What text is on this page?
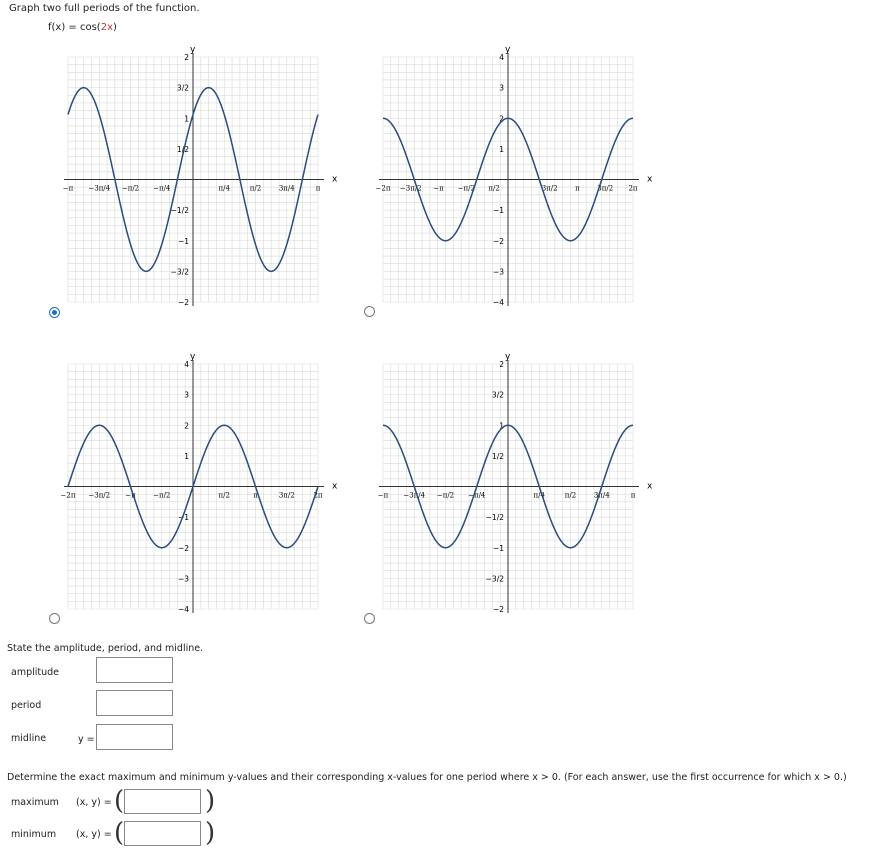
Graph two full periods of the function.
f(x) = cos(2x)
x
y
−π −3π/4 −π/2 −π/4	π/4	π/2	3π/4	π
2
3/2
1
1/2
−1/2
−1
−3/2
−2
x
y
−2π −3π/2 −π −π/2 π/2	3π/2	π	3π/2 2π
4
3
2
1
−1
−2
−3
−4
x
y
−2π −3π/2 −π −π/2	π/2	π	3π/2	2π
4
3
2
1
−1
−2
−3
−4
x
y
−π −3π/4 −π/2 −π/4	π/4	π/2	3π/4	π
2
3/2
1
1/2
−1/2
−1
−3/2
−2
State the amplitude, period, and midline.
amplitude
period
midline	y =
Determine the exact maximum and minimum y-values and their corresponding x-values for one period where x > 0. (For each answer, use the first occurrence for which x > 0.)
maximum (x, y) = (	)
minimum (x, y) = (	)
